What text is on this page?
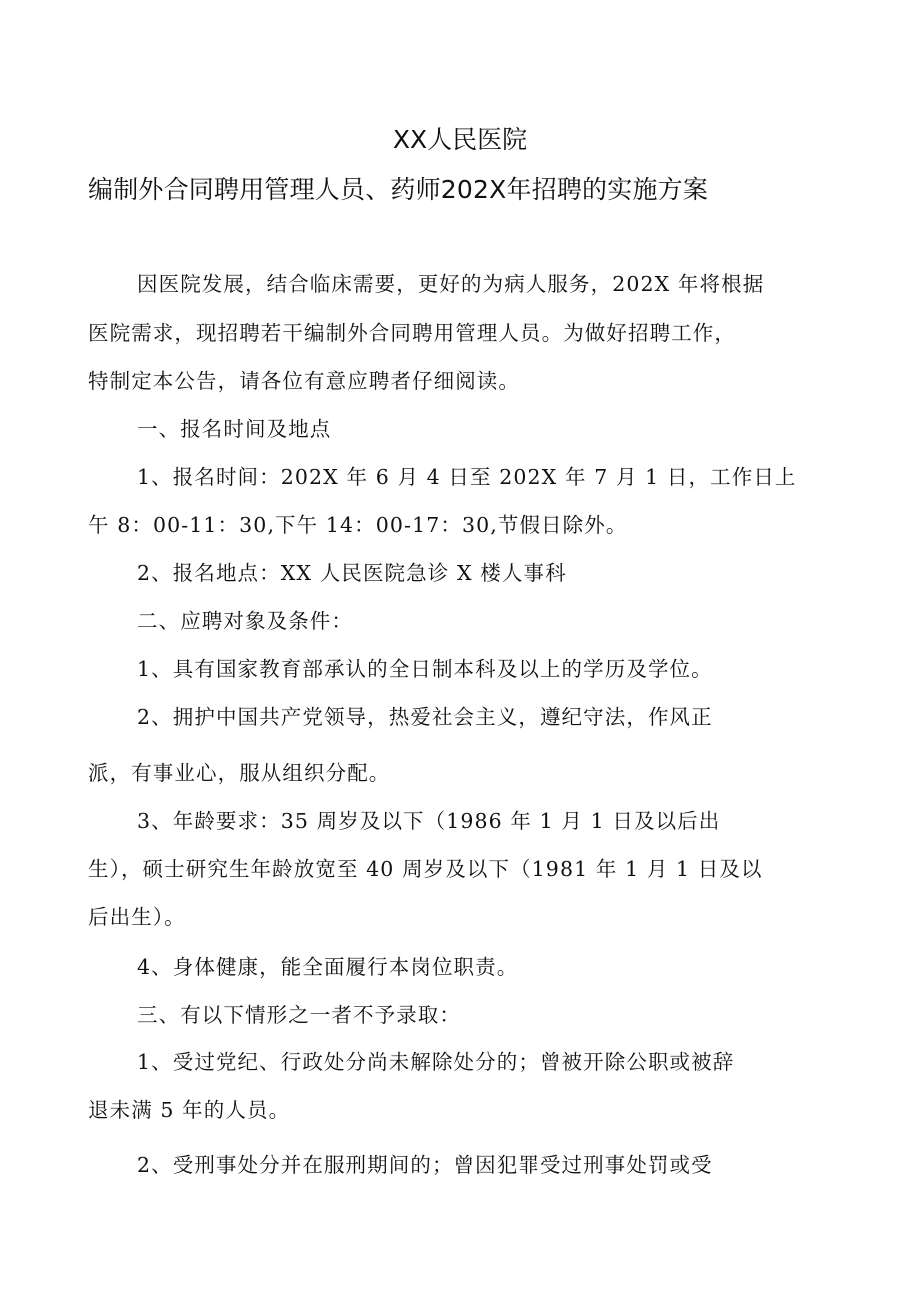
XX人民医院
编制外合同聘用管理人员、药师202X年招聘的实施方案
因医院发展，结合临床需要，更好的为病人服务，202X 年将根据
医院需求，现招聘若干编制外合同聘用管理人员。为做好招聘工作，
特制定本公告，请各位有意应聘者仔细阅读。
一、报名时间及地点
1、报名时间：202X 年 6 月 4 日至 202X 年 7 月 1 日，工作日上
午 8：00-11：30,下午 14：00-17：30,节假日除外。
2、报名地点：XX 人民医院急诊 X 楼人事科
二、应聘对象及条件：
1、具有国家教育部承认的全日制本科及以上的学历及学位。
2、拥护中国共产党领导，热爱社会主义，遵纪守法，作风正
派，有事业心，服从组织分配。
3、年龄要求：35 周岁及以下（1986 年 1 月 1 日及以后出
生），硕士研究生年龄放宽至 40 周岁及以下（1981 年 1 月 1 日及以
后出生）。
4、身体健康，能全面履行本岗位职责。
三、有以下情形之一者不予录取：
1、受过党纪、行政处分尚未解除处分的；曾被开除公职或被辞
退未满 5 年的人员。
2、受刑事处分并在服刑期间的；曾因犯罪受过刑事处罚或受
